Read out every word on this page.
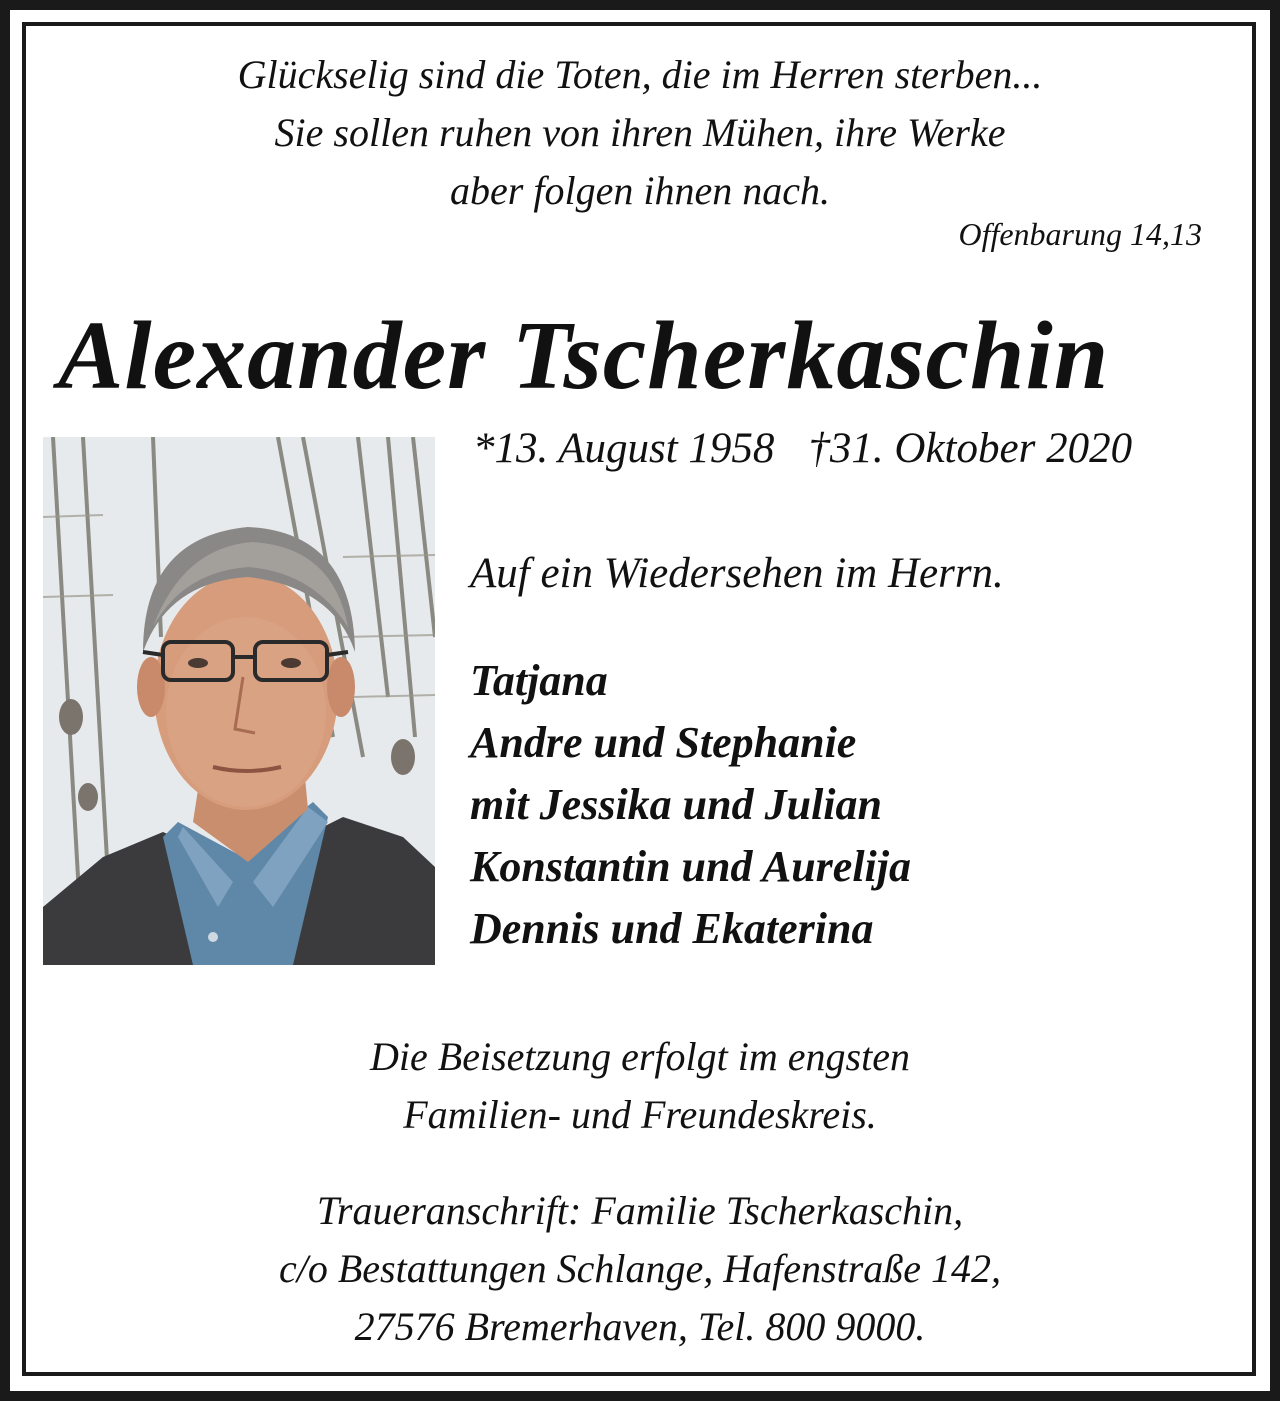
Glückselig sind die Toten, die im Herren sterben...
Sie sollen ruhen von ihren Mühen, ihre Werke
aber folgen ihnen nach.
Offenbarung 14,13
Alexander Tscherkaschin
*13. August 1958 †31. Oktober 2020
Auf ein Wiedersehen im Herrn.
Tatjana
Andre und Stephanie
mit Jessika und Julian
Konstantin und Aurelija
Dennis und Ekaterina
Die Beisetzung erfolgt im engsten
Familien- und Freundeskreis.
Traueranschrift: Familie Tscherkaschin,
c/o Bestattungen Schlange, Hafenstraße 142,
27576 Bremerhaven, Tel. 800 9000.
